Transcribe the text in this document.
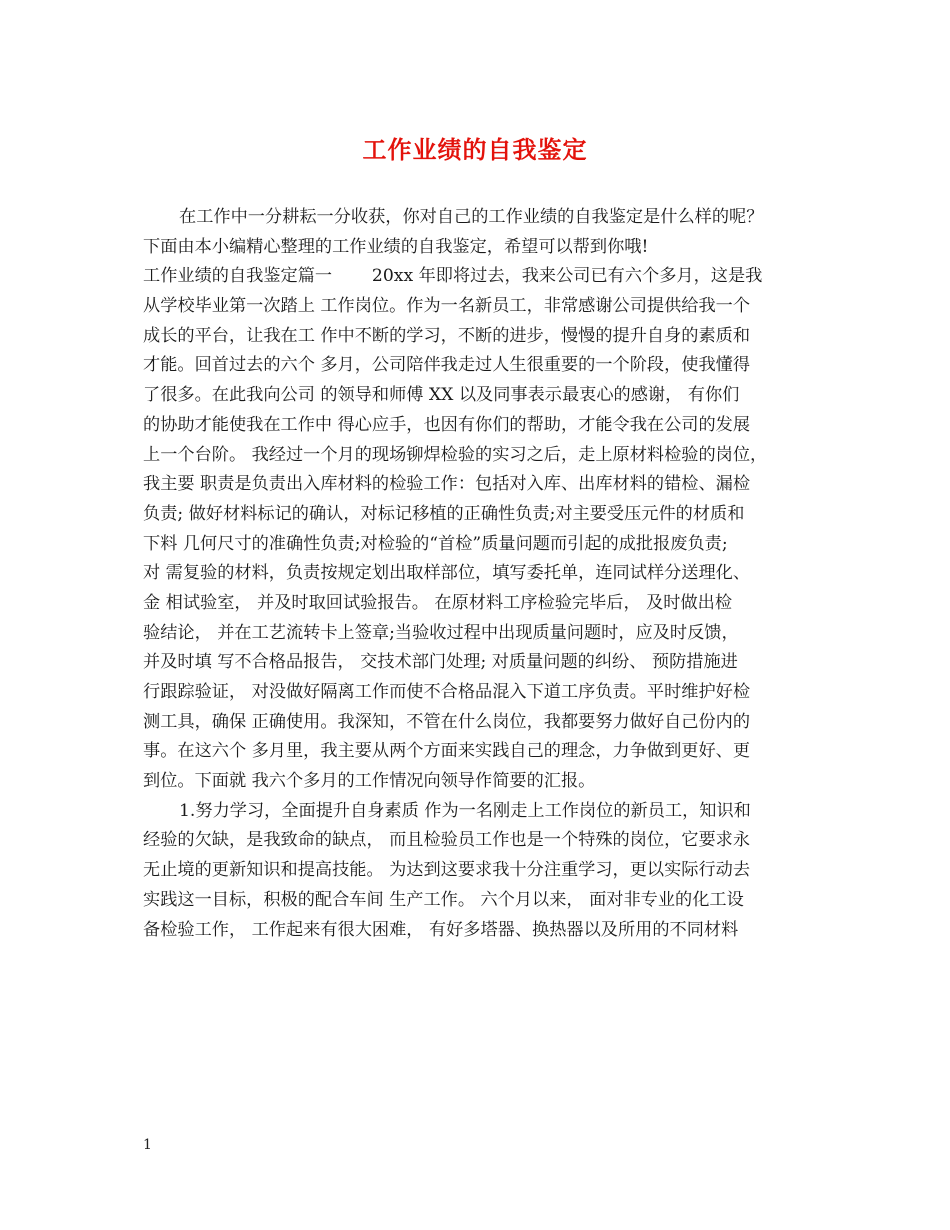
工作业绩的自我鉴定
在工作中一分耕耘一分收获，你对自己的工作业绩的自我鉴定是什么样的呢？
下面由本小编精心整理的工作业绩的自我鉴定，希望可以帮到你哦!
工作业绩的自我鉴定篇一　　 20xx 年即将过去，我来公司已有六个多月，这是我
从学校毕业第一次踏上 工作岗位。作为一名新员工，非常感谢公司提供给我一个
成长的平台，让我在工 作中不断的学习，不断的进步，慢慢的提升自身的素质和
才能。回首过去的六个 多月，公司陪伴我走过人生很重要的一个阶段，使我懂得
了很多。在此我向公司 的领导和师傅 XX 以及同事表示最衷心的感谢， 有你们
的协助才能使我在工作中 得心应手，也因有你们的帮助，才能令我在公司的发展
上一个台阶。 我经过一个月的现场铆焊检验的实习之后，走上原材料检验的岗位，
我主要 职责是负责出入库材料的检验工作：包括对入库、出库材料的错检、漏检
负责; 做好材料标记的确认，对标记移植的正确性负责;对主要受压元件的材质和
下料 几何尺寸的准确性负责;对检验的“首检”质量问题而引起的成批报废负责;
对 需复验的材料，负责按规定划出取样部位，填写委托单，连同试样分送理化、
金 相试验室， 并及时取回试验报告。 在原材料工序检验完毕后， 及时做出检
验结论， 并在工艺流转卡上签章;当验收过程中出现质量问题时，应及时反馈，
并及时填 写不合格品报告， 交技术部门处理; 对质量问题的纠纷、 预防措施进
行跟踪验证， 对没做好隔离工作而使不合格品混入下道工序负责。平时维护好检
测工具，确保 正确使用。我深知，不管在什么岗位，我都要努力做好自己份内的
事。在这六个 多月里，我主要从两个方面来实践自己的理念，力争做到更好、更
到位。下面就 我六个多月的工作情况向领导作简要的汇报。
1.努力学习，全面提升自身素质 作为一名刚走上工作岗位的新员工，知识和
经验的欠缺，是我致命的缺点， 而且检验员工作也是一个特殊的岗位，它要求永
无止境的更新知识和提高技能。 为达到这要求我十分注重学习，更以实际行动去
实践这一目标，积极的配合车间 生产工作。 六个月以来， 面对非专业的化工设
备检验工作， 工作起来有很大困难， 有好多塔器、换热器以及所用的不同材料
1
